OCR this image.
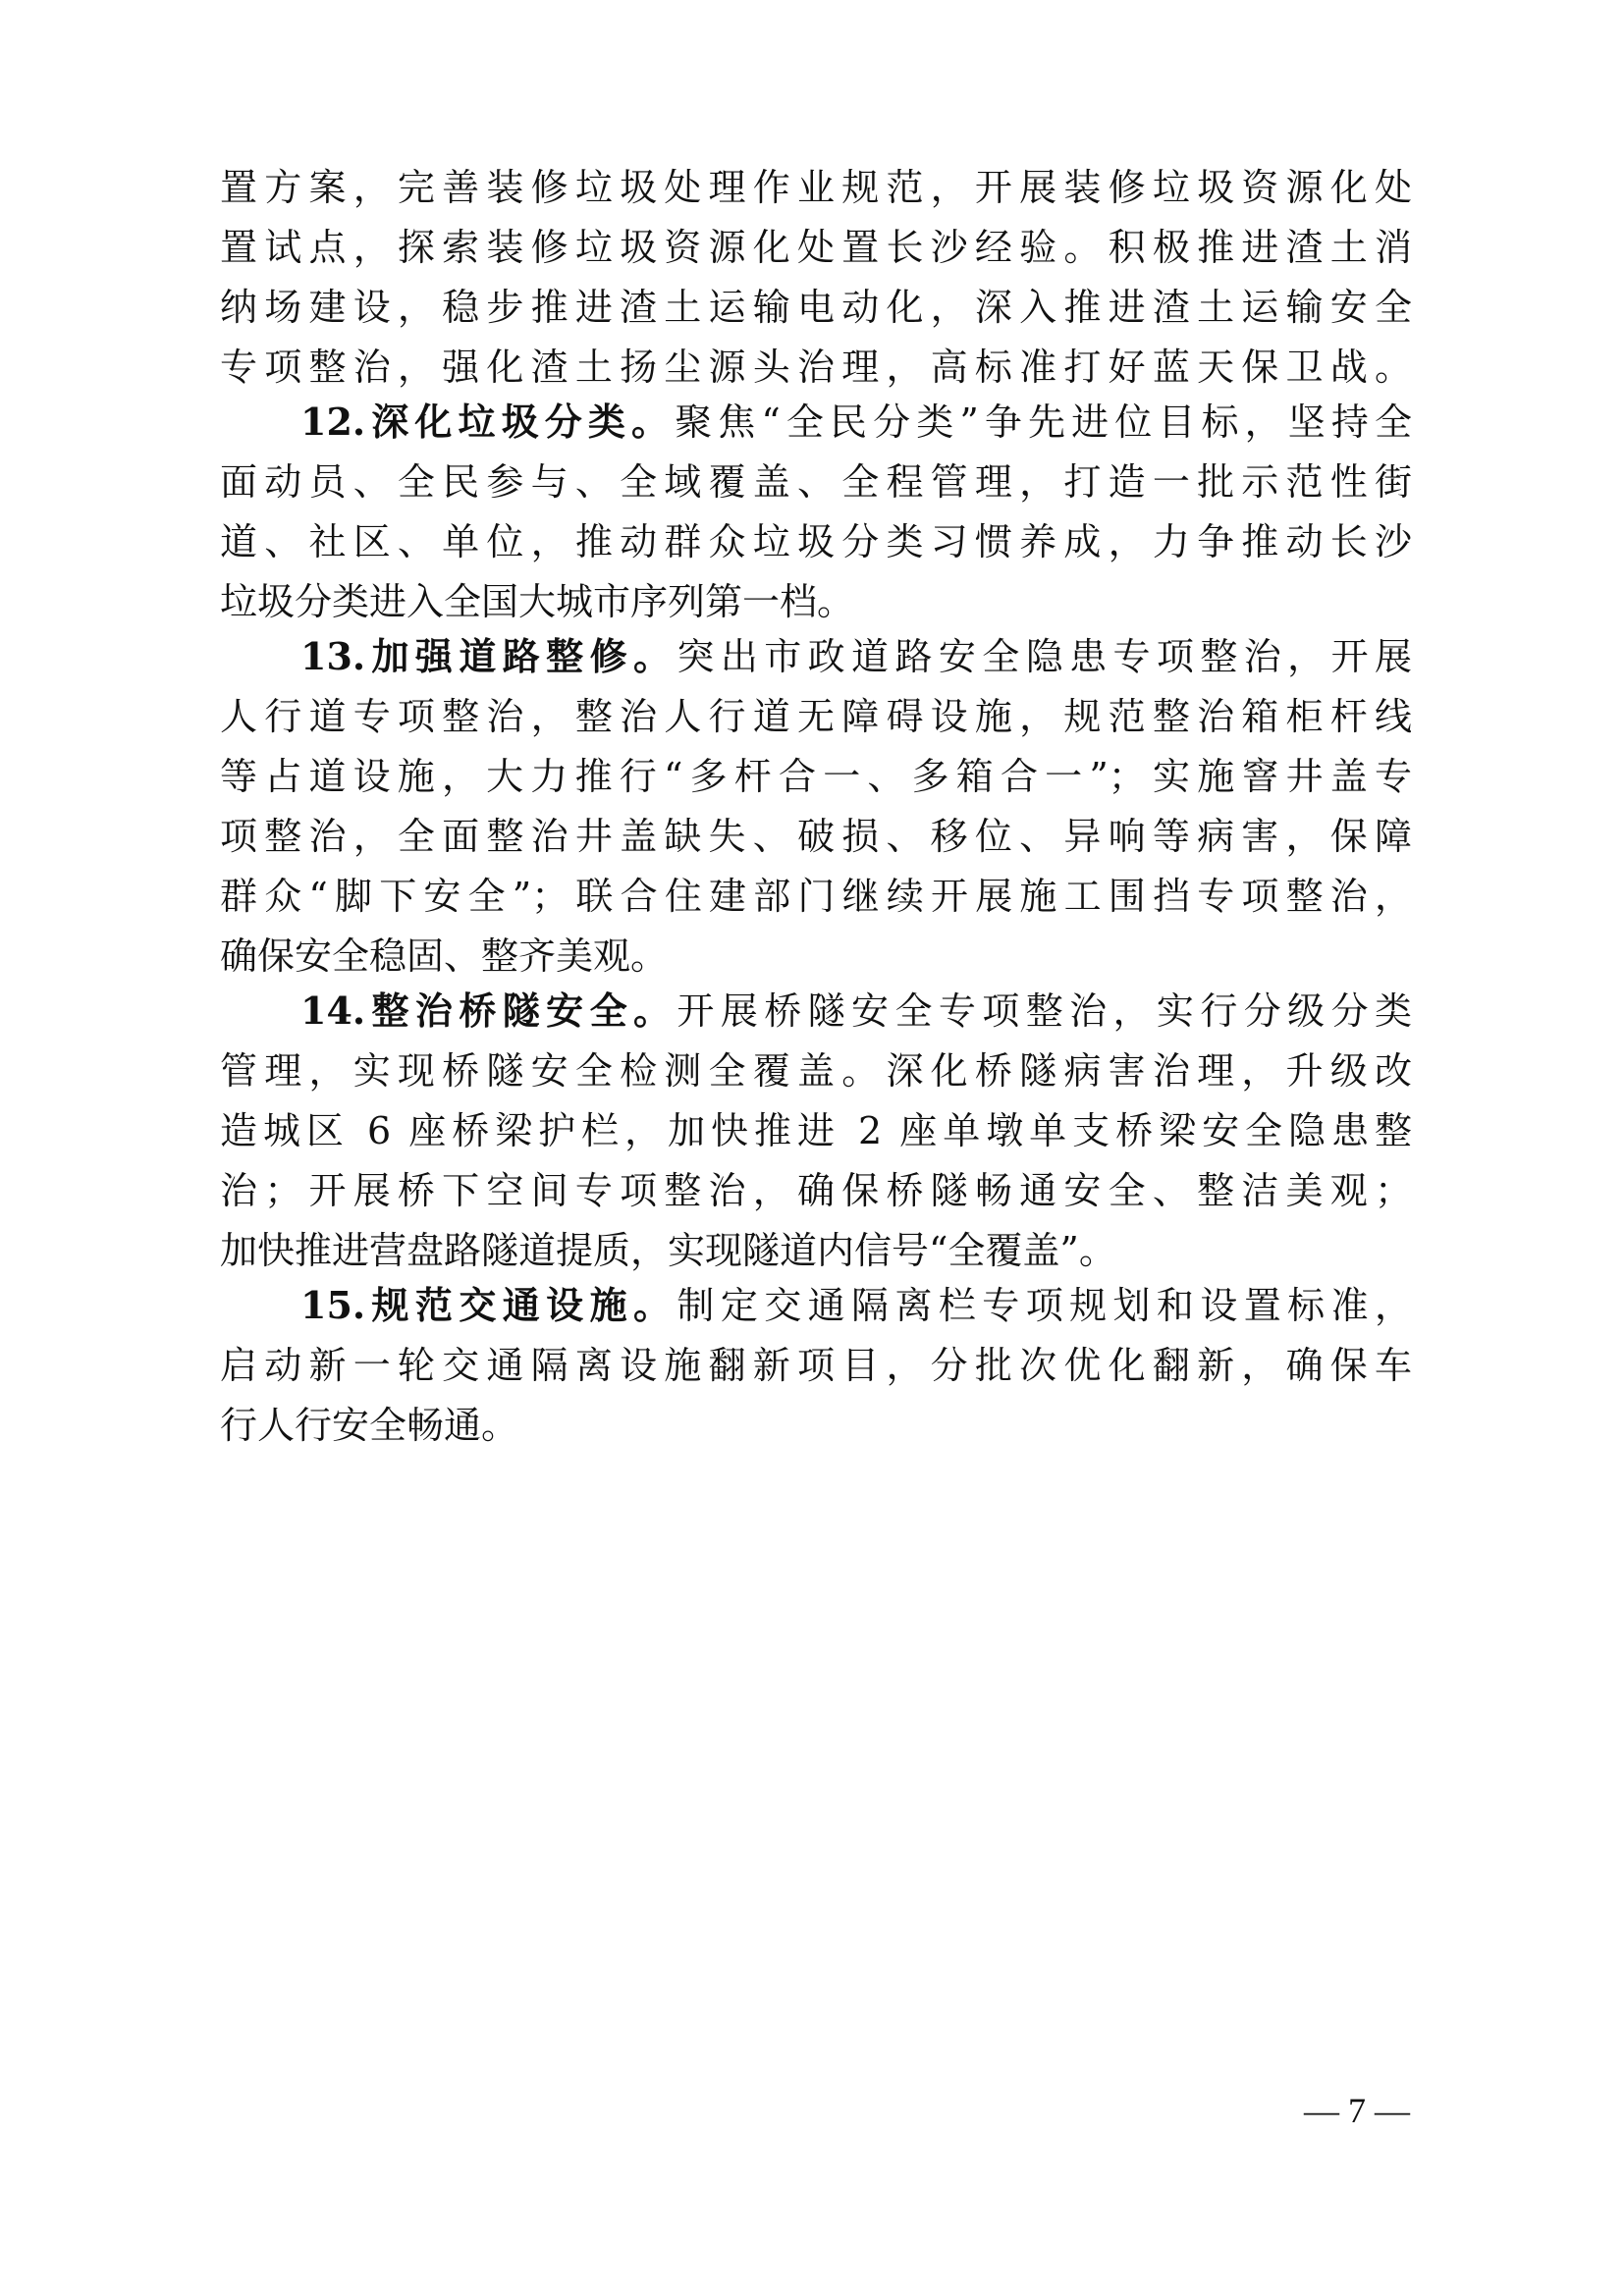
置方案，完善装修垃圾处理作业规范，开展装修垃圾资源化处
置试点，探索装修垃圾资源化处置长沙经验。积极推进渣土消
纳场建设，稳步推进渣土运输电动化，深入推进渣土运输安全
专项整治，强化渣土扬尘源头治理，高标准打好蓝天保卫战。
12.深化垃圾分类。聚焦“全民分类”争先进位目标，坚持全
面动员、全民参与、全域覆盖、全程管理，打造一批示范性街
道、社区、单位，推动群众垃圾分类习惯养成，力争推动长沙
垃圾分类进入全国大城市序列第一档。
13.加强道路整修。突出市政道路安全隐患专项整治，开展
人行道专项整治，整治人行道无障碍设施，规范整治箱柜杆线
等占道设施，大力推行“多杆合一、多箱合一”；实施窨井盖专
项整治，全面整治井盖缺失、破损、移位、异响等病害，保障
群众“脚下安全”；联合住建部门继续开展施工围挡专项整治，
确保安全稳固、整齐美观。
14.整治桥隧安全。开展桥隧安全专项整治，实行分级分类
管理，实现桥隧安全检测全覆盖。深化桥隧病害治理，升级改
造城区 6 座桥梁护栏，加快推进 2 座单墩单支桥梁安全隐患整
治；开展桥下空间专项整治，确保桥隧畅通安全、整洁美观；
加快推进营盘路隧道提质，实现隧道内信号“全覆盖”。
15.规范交通设施。制定交通隔离栏专项规划和设置标准，
启动新一轮交通隔离设施翻新项目，分批次优化翻新，确保车
行人行安全畅通。
— 7 —
